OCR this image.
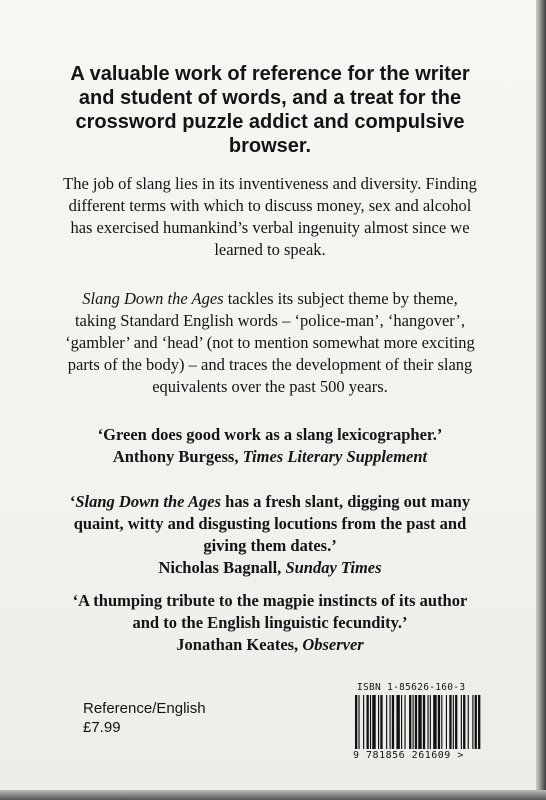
A valuable work of reference for the writer and student of words, and a treat for the crossword puzzle addict and compulsive browser.
The job of slang lies in its inventiveness and diversity. Finding different terms with which to discuss money, sex and alcohol has exercised humankind’s verbal ingenuity almost since we learned to speak.
Slang Down the Ages tackles its subject theme by theme, taking Standard English words – ‘police-man’, ‘hangover’, ‘gambler’ and ‘head’ (not to mention somewhat more exciting parts of the body) – and traces the development of their slang equivalents over the past 500 years.
‘Green does good work as a slang lexicographer.’
Anthony Burgess, Times Literary Supplement
‘Slang Down the Ages has a fresh slant, digging out many quaint, witty and disgusting locutions from the past and giving them dates.’
Nicholas Bagnall, Sunday Times
‘A thumping tribute to the magpie instincts of its author and to the English linguistic fecundity.’
Jonathan Keates, Observer
Reference/English
£7.99
ISBN 1-85626-160-3
9 781856 261609 >
